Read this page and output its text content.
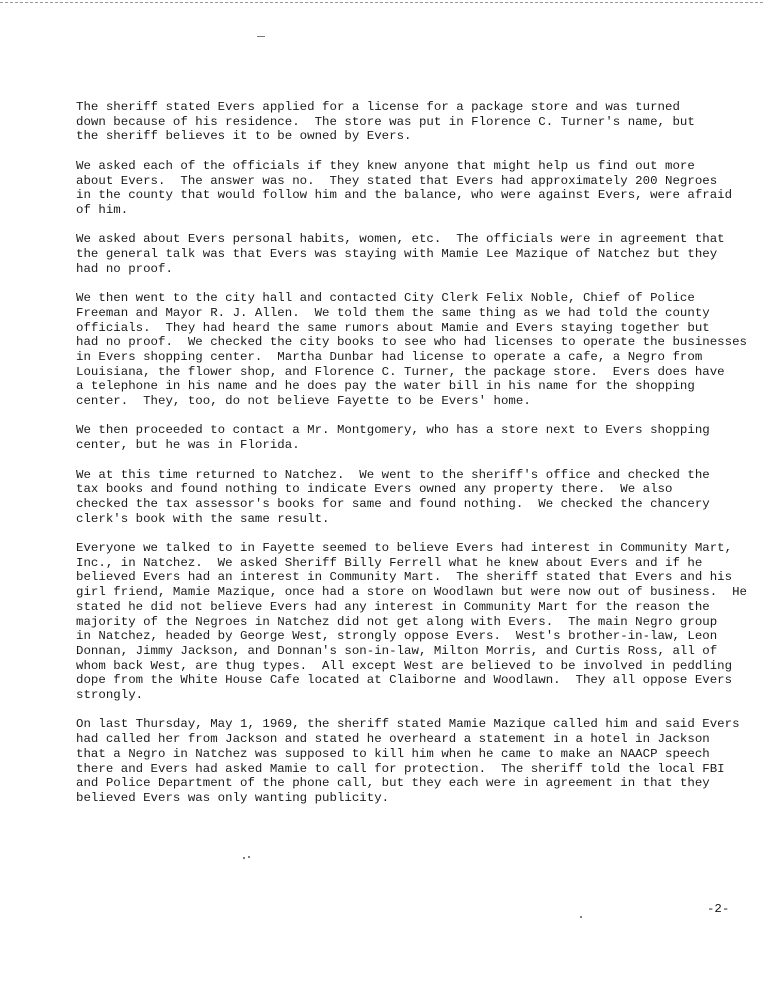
The sheriff stated Evers applied for a license for a package store and was turned
down because of his residence.  The store was put in Florence C. Turner's name, but
the sheriff believes it to be owned by Evers.
We asked each of the officials if they knew anyone that might help us find out more
about Evers.  The answer was no.  They stated that Evers had approximately 200 Negroes
in the county that would follow him and the balance, who were against Evers, were afraid
of him.
We asked about Evers personal habits, women, etc.  The officials were in agreement that
the general talk was that Evers was staying with Mamie Lee Mazique of Natchez but they
had no proof.
We then went to the city hall and contacted City Clerk Felix Noble, Chief of Police
Freeman and Mayor R. J. Allen.  We told them the same thing as we had told the county
officials.  They had heard the same rumors about Mamie and Evers staying together but
had no proof.  We checked the city books to see who had licenses to operate the businesses
in Evers shopping center.  Martha Dunbar had license to operate a cafe, a Negro from
Louisiana, the flower shop, and Florence C. Turner, the package store.  Evers does have
a telephone in his name and he does pay the water bill in his name for the shopping
center.  They, too, do not believe Fayette to be Evers' home.
We then proceeded to contact a Mr. Montgomery, who has a store next to Evers shopping
center, but he was in Florida.
We at this time returned to Natchez.  We went to the sheriff's office and checked the
tax books and found nothing to indicate Evers owned any property there.  We also
checked the tax assessor's books for same and found nothing.  We checked the chancery
clerk's book with the same result.
Everyone we talked to in Fayette seemed to believe Evers had interest in Community Mart,
Inc., in Natchez.  We asked Sheriff Billy Ferrell what he knew about Evers and if he
believed Evers had an interest in Community Mart.  The sheriff stated that Evers and his
girl friend, Mamie Mazique, once had a store on Woodlawn but were now out of business.  He
stated he did not believe Evers had any interest in Community Mart for the reason the
majority of the Negroes in Natchez did not get along with Evers.  The main Negro group
in Natchez, headed by George West, strongly oppose Evers.  West's brother-in-law, Leon
Donnan, Jimmy Jackson, and Donnan's son-in-law, Milton Morris, and Curtis Ross, all of
whom back West, are thug types.  All except West are believed to be involved in peddling
dope from the White House Cafe located at Claiborne and Woodlawn.  They all oppose Evers
strongly.
On last Thursday, May 1, 1969, the sheriff stated Mamie Mazique called him and said Evers
had called her from Jackson and stated he overheard a statement in a hotel in Jackson
that a Negro in Natchez was supposed to kill him when he came to make an NAACP speech
there and Evers had asked Mamie to call for protection.  The sheriff told the local FBI
and Police Department of the phone call, but they each were in agreement in that they
believed Evers was only wanting publicity.
-2-
